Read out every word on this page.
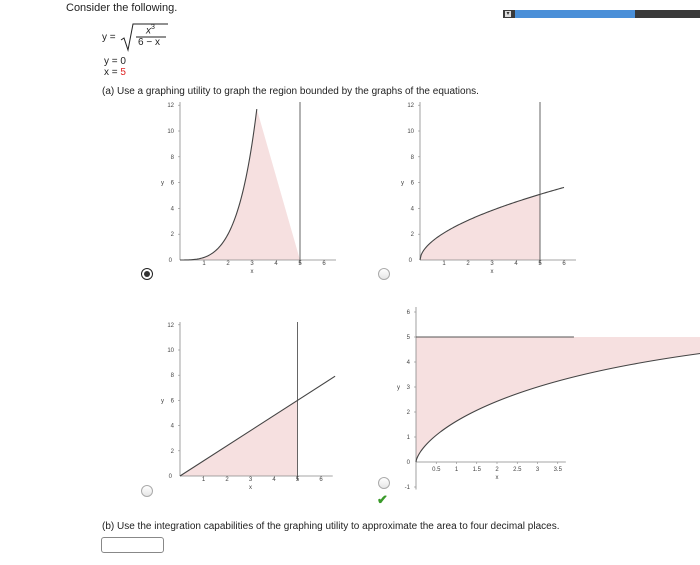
Consider the following.	▾
y =
$x^3$
6 − x
y = 0
x = 5
(a) Use a graphing utility to graph the region bounded by the graphs of the equations.
2
4
6
8
10
12
1	2	3	4	5	6
0
y
x
2
4
6
8
10
12
1	2	3	4	5	6
0
y
x
2
4
6
8
10
12
1	2	3	4	5	6
0
y
x	-1
1
2
3
4
5
6
0.5 1 1.5 2 2.5 3 3.5
0
y
x
✔
(b) Use the integration capabilities of the graphing utility to approximate the area to four decimal places.
